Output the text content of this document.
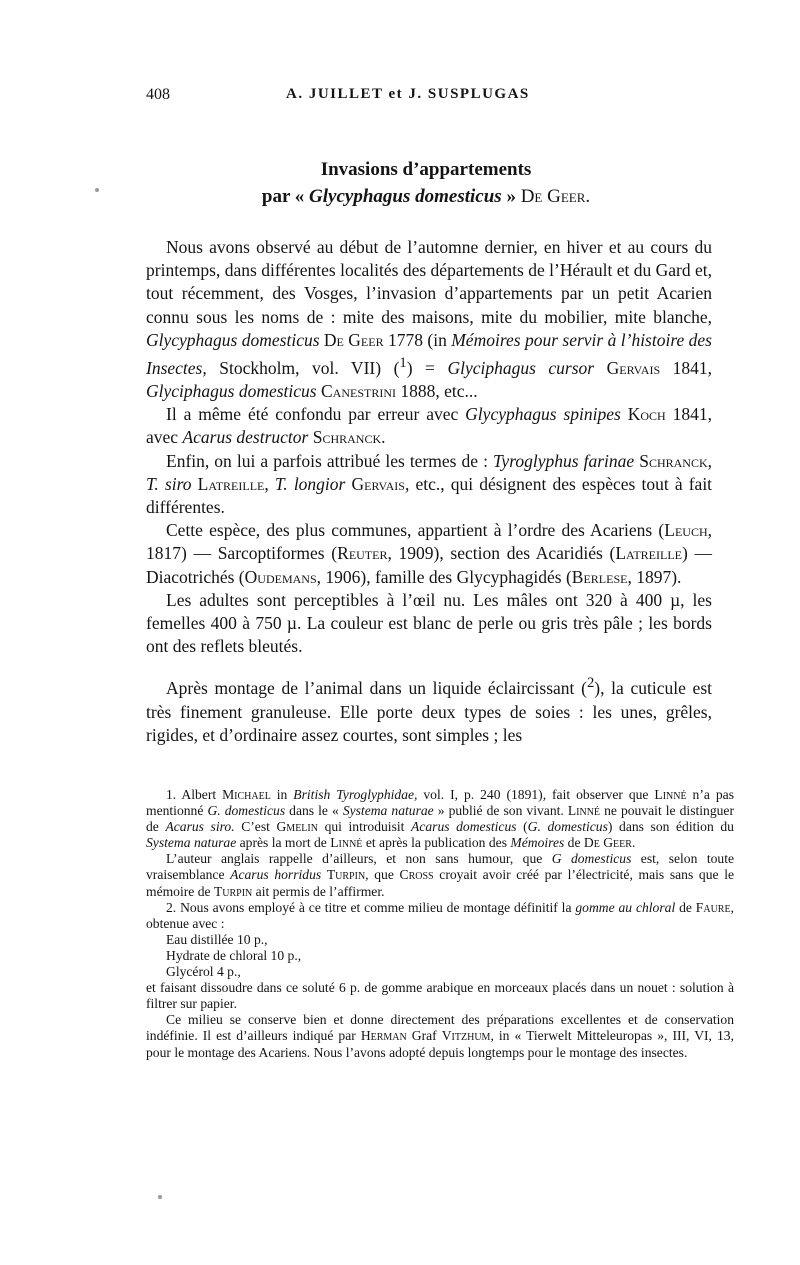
408	A. JUILLET et J. SUSPLUGAS
Invasions d’appartements
par « Glycyphagus domesticus » De Geer.

Nous avons observé au début de l’automne dernier, en hiver et au cours du printemps, dans différentes localités des départements de l’Hérault et du Gard et, tout récemment, des Vosges, l’invasion d’appartements par un petit Acarien connu sous les noms de : mite des maisons, mite du mobilier, mite blanche, Glycyphagus domesticus De Geer 1778 (in Mémoires pour servir à l’histoire des Insectes, Stockholm, vol. VII) ($^1$) = Glyciphagus cursor Gervais 1841, Glyciphagus domesticus Canestrini 1888, etc...

Il a même été confondu par erreur avec Glycyphagus spinipes Koch 1841, avec Acarus destructor Schranck.

Enfin, on lui a parfois attribué les termes de : Tyroglyphus farinae Schranck, T. siro Latreille, T. longior Gervais, etc., qui désignent des espèces tout à fait différentes.

Cette espèce, des plus communes, appartient à l’ordre des Acariens (Leuch, 1817) — Sarcoptiformes (Reuter, 1909), section des Acaridiés (Latreille) — Diacotrichés (Oudemans, 1906), famille des Glycyphagidés (Berlese, 1897).

Les adultes sont perceptibles à l’œil nu. Les mâles ont 320 à 400 µ, les femelles 400 à 750 µ. La couleur est blanc de perle ou gris très pâle ; les bords ont des reflets bleutés.

Après montage de l’animal dans un liquide éclaircissant ($^2$), la cuticule est très finement granuleuse. Elle porte deux types de soies : les unes, grêles, rigides, et d’ordinaire assez courtes, sont simples ; les

1. Albert Michael in British Tyroglyphidae, vol. I, p. 240 (1891), fait observer que Linné n’a pas mentionné G. domesticus dans le « Systema naturae » publié de son vivant. Linné ne pouvait le distinguer de Acarus siro. C’est Gmelin qui introduisit Acarus domesticus (G. domesticus) dans son édition du Systema naturae après la mort de Linné et après la publication des Mémoires de De Geer.

L’auteur anglais rappelle d’ailleurs, et non sans humour, que G domesticus est, selon toute vraisemblance Acarus horridus Turpin, que Cross croyait avoir créé par l’électricité, mais sans que le mémoire de Turpin ait permis de l’affirmer.

2. Nous avons employé à ce titre et comme milieu de montage définitif la gomme au chloral de Faure, obtenue avec :

Eau distillée 10 p.,

Hydrate de chloral 10 p.,

Glycérol 4 p.,

et faisant dissoudre dans ce soluté 6 p. de gomme arabique en morceaux placés dans un nouet : solution à filtrer sur papier.

Ce milieu se conserve bien et donne directement des préparations excellentes et de conservation indéfinie. Il est d’ailleurs indiqué par Herman Graf Vitzhum, in « Tierwelt Mitteleuropas », III, VI, 13, pour le montage des Acariens. Nous l’avons adopté depuis longtemps pour le montage des insectes.
